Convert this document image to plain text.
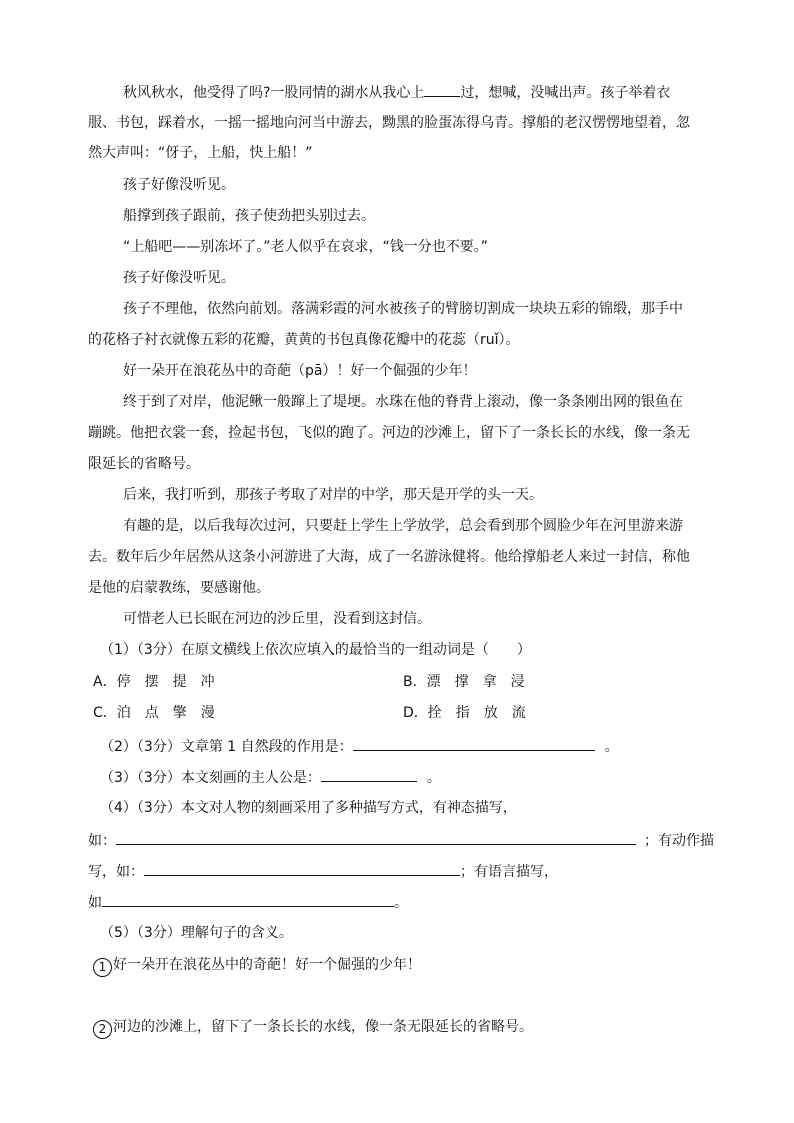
秋风秋水，他受得了吗?一股同情的湖水从我心上	过，想喊，没喊出声。孩子举着衣
服、书包，踩着水，一摇一摇地向河当中游去，黝黑的脸蛋冻得乌青。撑船的老汉愣愣地望着，忽
然大声叫：“伢子，上船，快上船！”
孩子好像没听见。
船撑到孩子跟前，孩子使劲把头别过去。
“上船吧——别冻坏了。”老人似乎在哀求，“钱一分也不要。”
孩子好像没听见。
孩子不理他，依然向前划。落满彩霞的河水被孩子的臂膀切割成一块块五彩的锦缎，那手中
的花格子衬衣就像五彩的花瓣，黄黄的书包真像花瓣中的花蕊（ruǐ）。
好一朵开在浪花丛中的奇葩（pā）！好一个倔强的少年！
终于到了对岸，他泥鳅一般蹿上了堤埂。水珠在他的脊背上滚动，像一条条刚出网的银鱼在
蹦跳。他把衣裳一套，捡起书包，飞似的跑了。河边的沙滩上，留下了一条长长的水线，像一条无
限延长的省略号。
后来，我打听到，那孩子考取了对岸的中学，那天是开学的头一天。
有趣的是，以后我每次过河，只要赶上学生上学放学，总会看到那个圆脸少年在河里游来游
去。数年后少年居然从这条小河游进了大海，成了一名游泳健将。他给撑船老人来过一封信，称他
是他的启蒙教练，要感谢他。
可惜老人已长眠在河边的沙丘里，没看到这封信。
（1）（3分）在原文横线上依次应填入的最恰当的一组动词是（　　）
A．停　摆　提　冲	B．漂　撑　拿　浸
C．泊　点　擎　漫	D．拴　指　放　流
（2）（3分）文章第 1 自然段的作用是：	。
（3）（3分）本文刻画的主人公是：	。
（4）（3分）本文对人物的刻画采用了多种描写方式，有神态描写，
如：	；有动作描
写，如：	；有语言描写，
如	。
（5）（3分）理解句子的含义。
1 好一朵开在浪花丛中的奇葩！好一个倔强的少年！
2 河边的沙滩上，留下了一条长长的水线，像一条无限延长的省略号。
